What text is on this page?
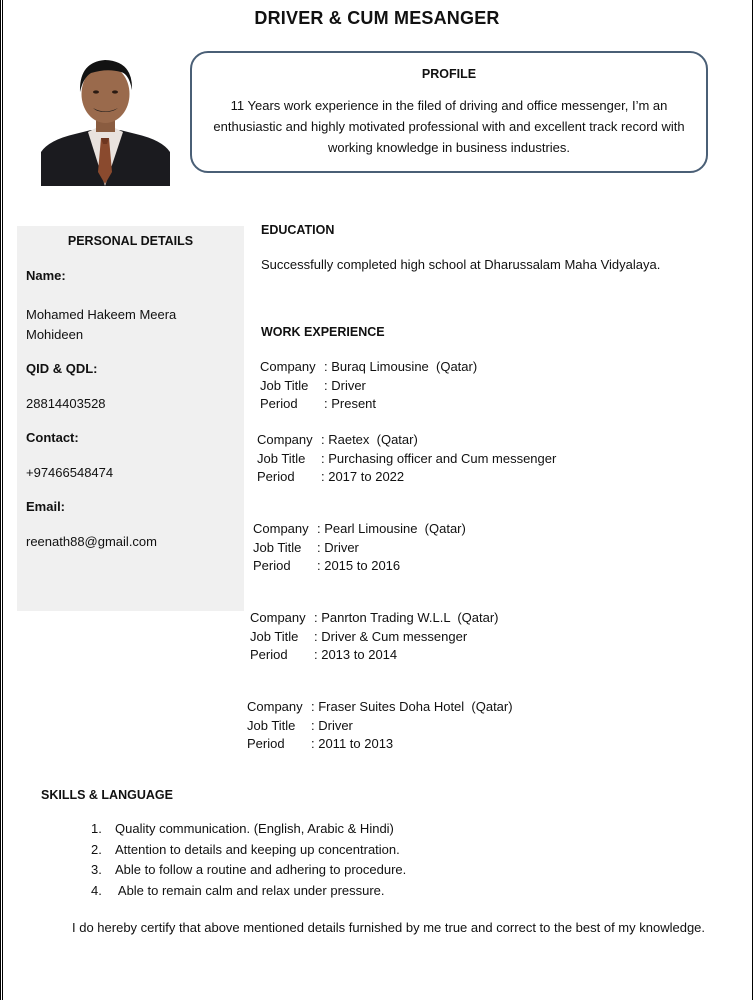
DRIVER & CUM MESANGER
PROFILE
11 Years work experience in the filed of driving and office messenger, I’m an enthusiastic and highly motivated professional with and excellent track record with working knowledge in business industries.
PERSONAL DETAILS
Name:
Mohamed Hakeem Meera Mohideen
QID & QDL:
28814403528
Contact:
+97466548474
Email:
reenath88@gmail.com
EDUCATION
Successfully completed high school at Dharussalam Maha Vidyalaya.
WORK EXPERIENCE
Company : Buraq Limousine  (Qatar)
Job Title	: Driver
Period	: Present
Company : Raetex  (Qatar)
Job Title	: Purchasing officer and Cum messenger
Period	: 2017 to 2022
Company : Pearl Limousine  (Qatar)
Job Title	: Driver
Period	: 2015 to 2016
Company : Panrton Trading W.L.L  (Qatar)
Job Title	: Driver & Cum messenger
Period	: 2013 to 2014
Company : Fraser Suites Doha Hotel  (Qatar)
Job Title	: Driver
Period	: 2011 to 2013
SKILLS & LANGUAGE
1.	Quality communication. (English, Arabic & Hindi)
2.	Attention to details and keeping up concentration.
3.	Able to follow a routine and adhering to procedure.
4.	Able to remain calm and relax under pressure.
I do hereby certify that above mentioned details furnished by me true and correct to the best of my knowledge.
